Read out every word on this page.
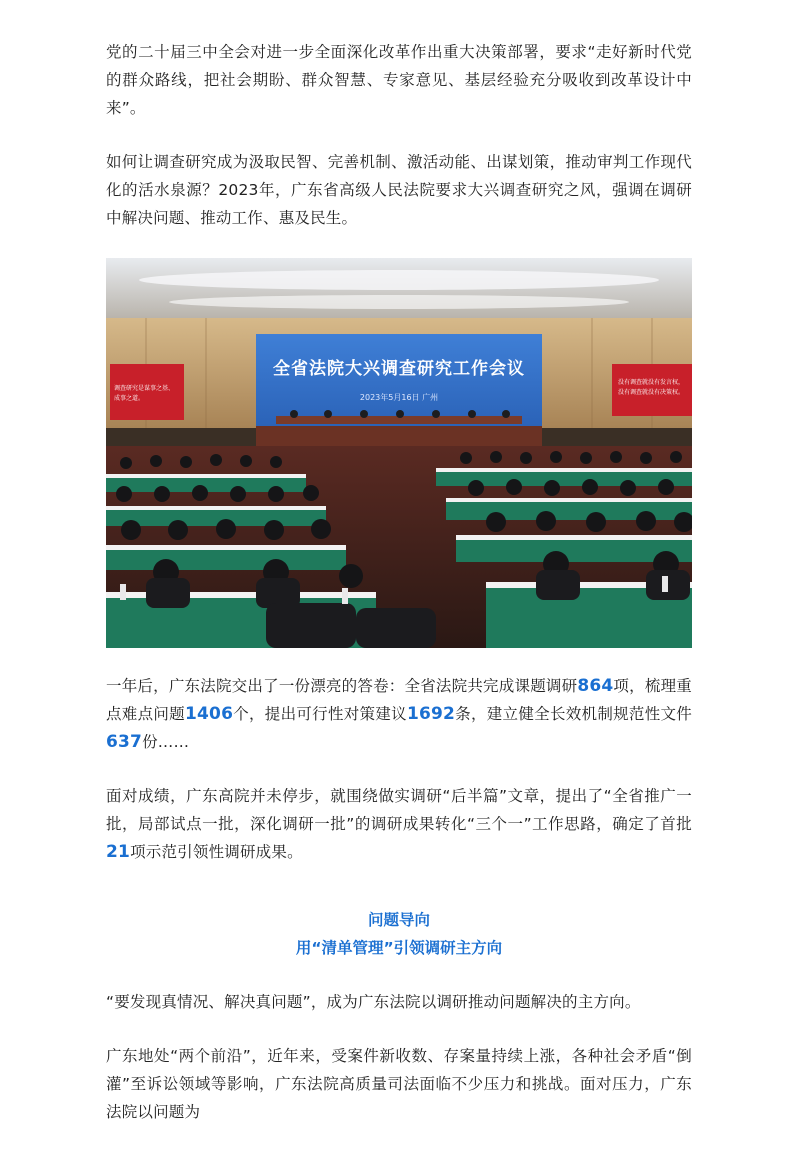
党的二十届三中全会对进一步全面深化改革作出重大决策部署，要求“走好新时代党的群众路线，把社会期盼、群众智慧、专家意见、基层经验充分吸收到改革设计中来”。

如何让调查研究成为汲取民智、完善机制、激活动能、出谋划策，推动审判工作现代化的活水泉源？2023年，广东省高级人民法院要求大兴调查研究之风，强调在调研中解决问题、推动工作、惠及民生。

全省法院大兴调查研究工作会议
2023年5月16日 广州
调查研究是谋事之基、成事之道。
没有调查就没有发言权，没有调查就没有决策权。

一年后，广东法院交出了一份漂亮的答卷：全省法院共完成课题调研864项，梳理重点难点问题1406个，提出可行性对策建议1692条，建立健全长效机制规范性文件637份……

面对成绩，广东高院并未停步，就围绕做实调研“后半篇”文章，提出了“全省推广一批，局部试点一批，深化调研一批”的调研成果转化“三个一”工作思路，确定了首批21项示范引领性调研成果。

问题导向
用“清单管理”引领调研主方向

“要发现真情况、解决真问题”，成为广东法院以调研推动问题解决的主方向。

广东地处“两个前沿”，近年来，受案件新收数、存案量持续上涨，各种社会矛盾“倒灌”至诉讼领域等影响，广东法院高质量司法面临不少压力和挑战。面对压力，广东法院以问题为
